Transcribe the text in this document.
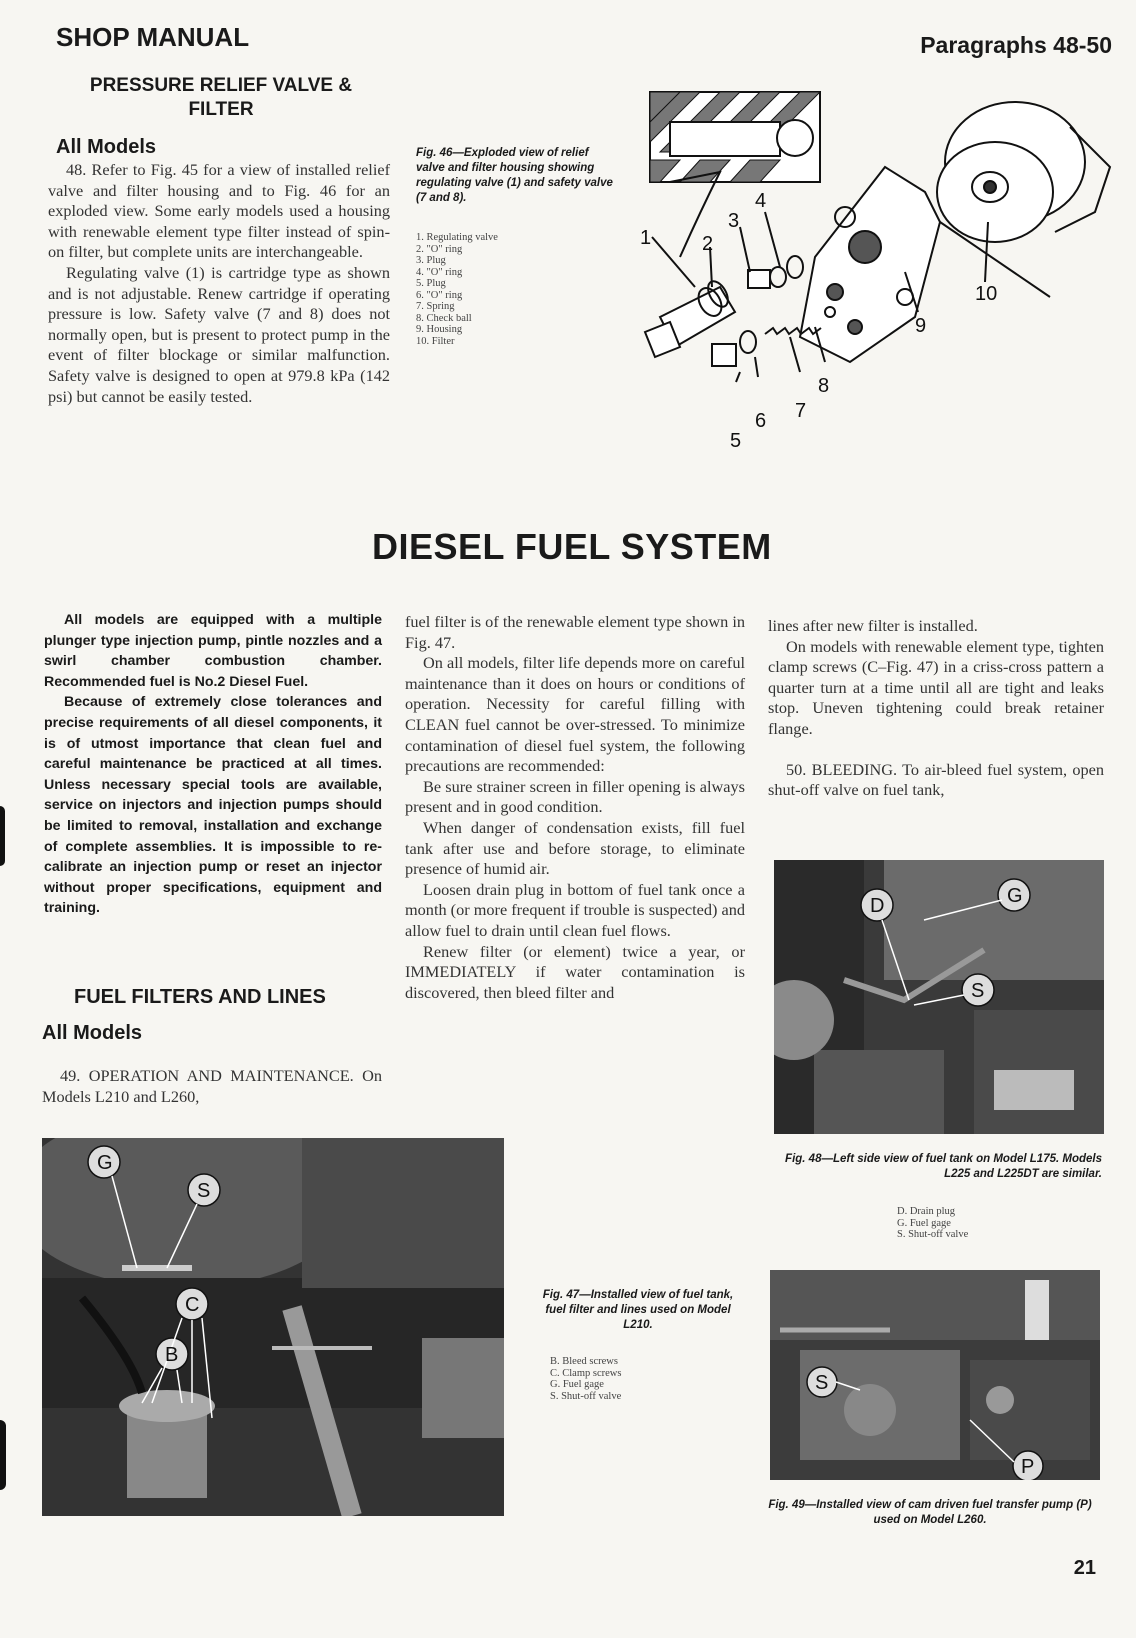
SHOP MANUAL	Paragraphs 48-50
PRESSURE RELIEF VALVE & FILTER
All Models

48. Refer to Fig. 45 for a view of installed relief valve and filter housing and to Fig. 46 for an exploded view. Some early models used a housing with renewable element type filter instead of spin-on filter, but complete units are interchangeable.

Regulating valve (1) is cartridge type as shown and is not adjustable. Renew cartridge if operating pressure is low. Safety valve (7 and 8) does not normally open, but is present to protect pump in the event of filter blockage or similar malfunction. Safety valve is designed to open at 979.8 kPa (142 psi) but cannot be easily tested.

Fig. 46—Exploded view of relief valve and filter housing showing regulating valve (1) and safety valve (7 and 8).
1. Regulating valve
2. "O" ring
3. Plug
4. "O" ring
5. Plug
6. "O" ring
7. Spring
8. Check ball
9. Housing
10. Filter
1	2
3
4
5
6 7
8
9
10
DIESEL FUEL SYSTEM

All models are equipped with a multiple plunger type injection pump, pintle nozzles and a swirl chamber combustion chamber. Recommended fuel is No.2 Diesel Fuel.

Because of extremely close tolerances and precise requirements of all diesel components, it is of utmost importance that clean fuel and careful maintenance be practiced at all times. Unless necessary special tools are available, service on injectors and injection pumps should be limited to removal, installation and exchange of complete assemblies. It is impossible to re-calibrate an injection pump or reset an injector without proper specifications, equipment and training.

FUEL FILTERS AND LINES
All Models

49. OPERATION AND MAINTENANCE. On Models L210 and L260,

fuel filter is of the renewable element type shown in Fig. 47.

On all models, filter life depends more on careful maintenance than it does on hours or conditions of operation. Necessity for careful filling with CLEAN fuel cannot be over-stressed. To minimize contamination of diesel fuel system, the following precautions are recommended:

Be sure strainer screen in filler opening is always present and in good condition.

When danger of condensation exists, fill fuel tank after use and before storage, to eliminate presence of humid air.

Loosen drain plug in bottom of fuel tank once a month (or more frequent if trouble is suspected) and allow fuel to drain until clean fuel flows.

Renew filter (or element) twice a year, or IMMEDIATELY if water contamination is discovered, then bleed filter and

lines after new filter is installed.

On models with renewable element type, tighten clamp screws (C–Fig. 47) in a criss-cross pattern a quarter turn at a time until all are tight and leaks stop. Uneven tightening could break retainer flange.

50. BLEEDING. To air-bleed fuel system, open shut-off valve on fuel tank,

D	G
S
Fig. 48—Left side view of fuel tank on Model L175. Models L225 and L225DT are similar.
D. Drain plug
G. Fuel gage
S. Shut-off valve
G
S
C
B
Fig. 47—Installed view of fuel tank, fuel filter and lines used on Model L210.
B. Bleed screws
C. Clamp screws
G. Fuel gage
S. Shut-off valve
S
P
Fig. 49—Installed view of cam driven fuel transfer pump (P) used on Model L260.
21
